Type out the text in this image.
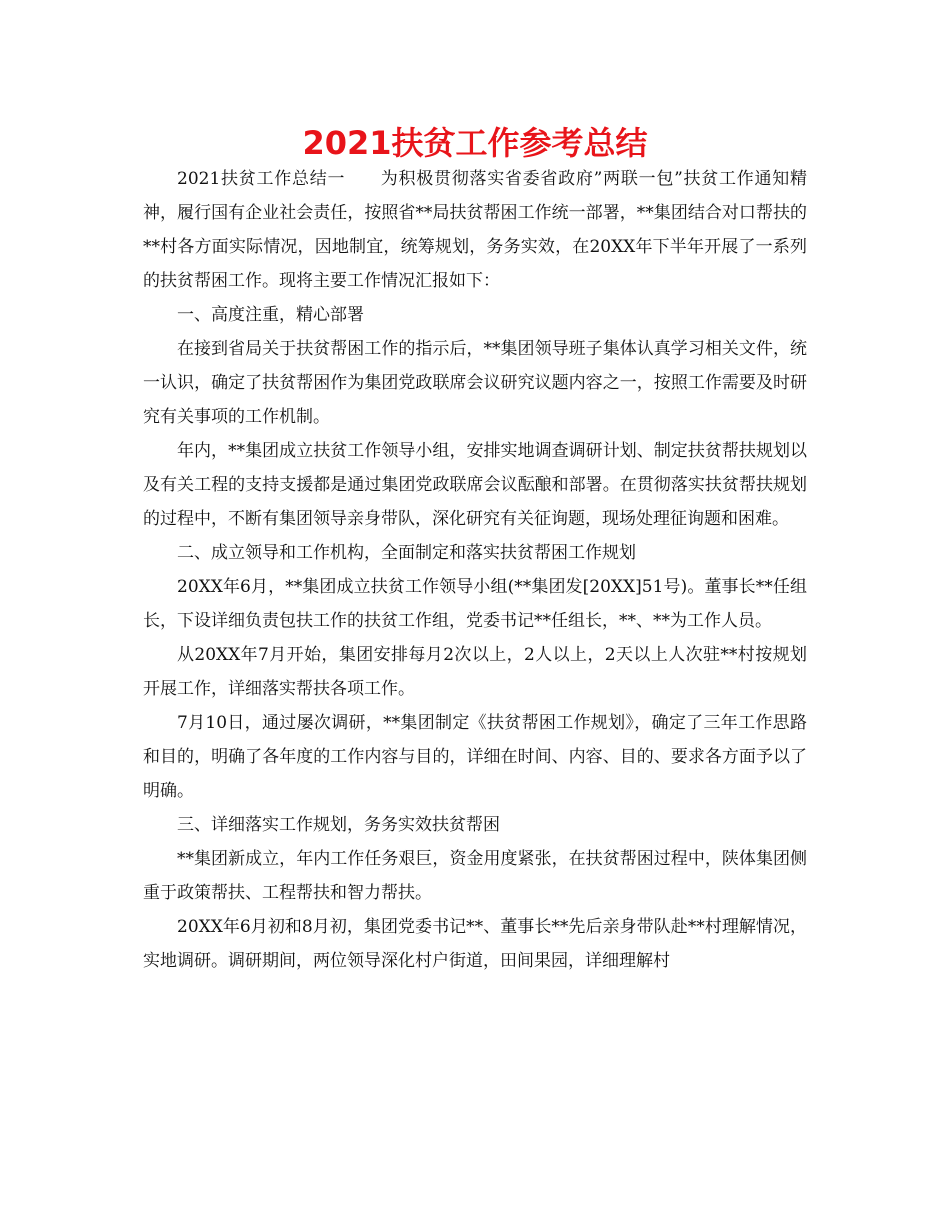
2021扶贫工作参考总结

2021扶贫工作总结一　　为积极贯彻落实省委省政府”两联一包”扶贫工作通知精神，履行国有企业社会责任，按照省**局扶贫帮困工作统一部署，**集团结合对口帮扶的**村各方面实际情况，因地制宜，统筹规划，务务实效，在20XX年下半年开展了一系列的扶贫帮困工作。现将主要工作情况汇报如下：

一、高度注重，精心部署

在接到省局关于扶贫帮困工作的指示后，**集团领导班子集体认真学习相关文件，统一认识，确定了扶贫帮困作为集团党政联席会议研究议题内容之一，按照工作需要及时研究有关事项的工作机制。

年内，**集团成立扶贫工作领导小组，安排实地调查调研计划、制定扶贫帮扶规划以及有关工程的支持支援都是通过集团党政联席会议酝酿和部署。在贯彻落实扶贫帮扶规划的过程中，不断有集团领导亲身带队，深化研究有关征询题，现场处理征询题和困难。

二、成立领导和工作机构，全面制定和落实扶贫帮困工作规划

20XX年6月，**集团成立扶贫工作领导小组(**集团发[20XX]51号)。董事长**任组长，下设详细负责包扶工作的扶贫工作组，党委书记**任组长，**、**为工作人员。

从20XX年7月开始，集团安排每月2次以上，2人以上，2天以上人次驻**村按规划开展工作，详细落实帮扶各项工作。

7月10日，通过屡次调研，**集团制定《扶贫帮困工作规划》，确定了三年工作思路和目的，明确了各年度的工作内容与目的，详细在时间、内容、目的、要求各方面予以了明确。

三、详细落实工作规划，务务实效扶贫帮困

**集团新成立，年内工作任务艰巨，资金用度紧张，在扶贫帮困过程中，陕体集团侧重于政策帮扶、工程帮扶和智力帮扶。

20XX年6月初和8月初，集团党委书记**、董事长**先后亲身带队赴**村理解情况，实地调研。调研期间，两位领导深化村户街道，田间果园，详细理解村
